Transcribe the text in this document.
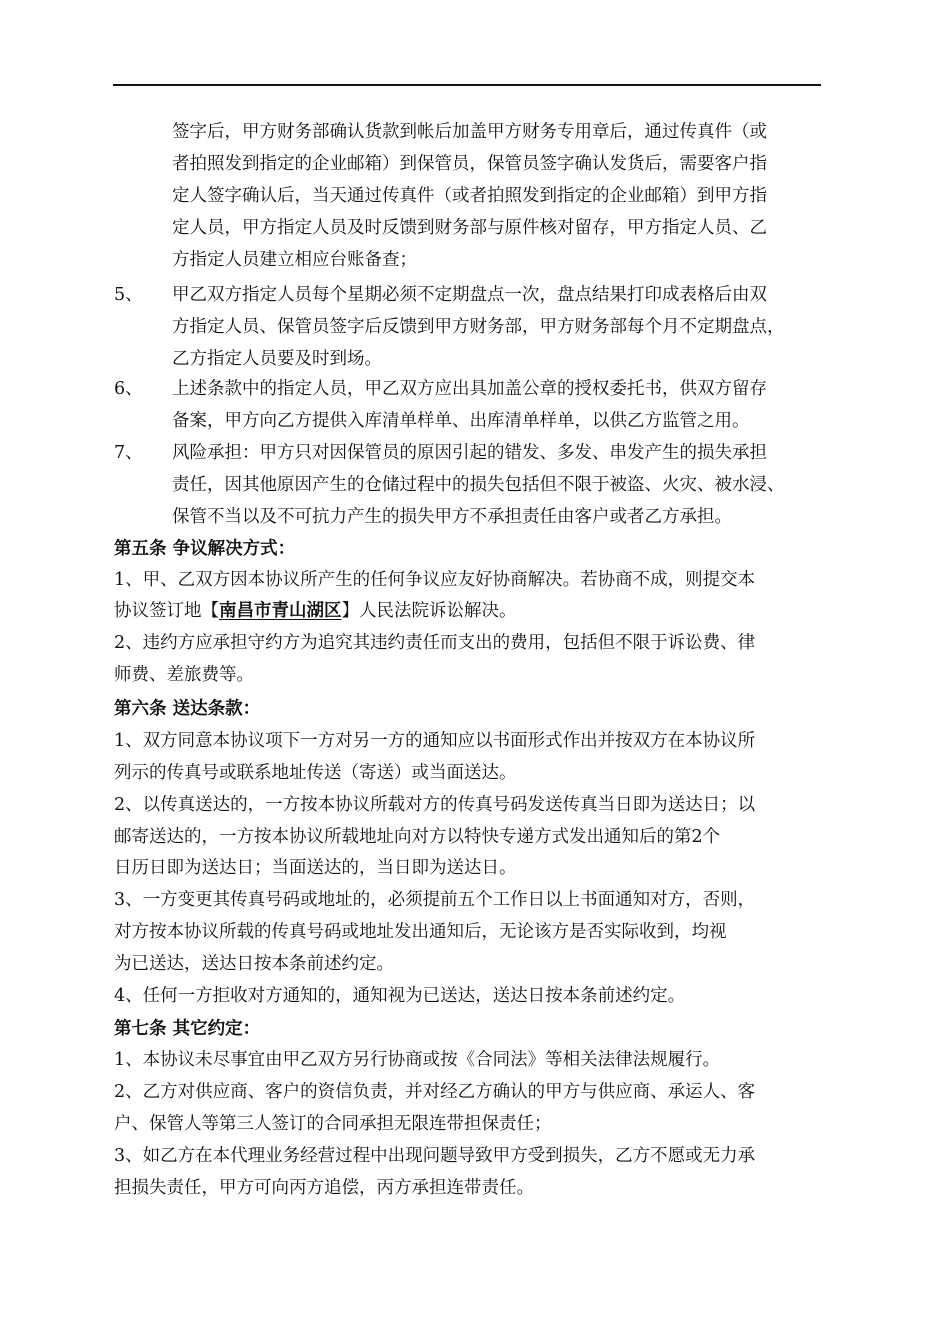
签字后，甲方财务部确认货款到帐后加盖甲方财务专用章后，通过传真件（或
者拍照发到指定的企业邮箱）到保管员，保管员签字确认发货后，需要客户指
定人签字确认后，当天通过传真件（或者拍照发到指定的企业邮箱）到甲方指
定人员，甲方指定人员及时反馈到财务部与原件核对留存，甲方指定人员、乙
方指定人员建立相应台账备查；
5、 甲乙双方指定人员每个星期必须不定期盘点一次，盘点结果打印成表格后由双
方指定人员、保管员签字后反馈到甲方财务部，甲方财务部每个月不定期盘点，
乙方指定人员要及时到场。
6、 上述条款中的指定人员，甲乙双方应出具加盖公章的授权委托书，供双方留存
备案，甲方向乙方提供入库清单样单、出库清单样单，以供乙方监管之用。
7、 风险承担：甲方只对因保管员的原因引起的错发、多发、串发产生的损失承担
责任，因其他原因产生的仓储过程中的损失包括但不限于被盗、火灾、被水浸、
保管不当以及不可抗力产生的损失甲方不承担责任由客户或者乙方承担。
第五条 争议解决方式：
1、甲、乙双方因本协议所产生的任何争议应友好协商解决。若协商不成，则提交本
协议签订地【南昌市青山湖区】人民法院诉讼解决。
2、违约方应承担守约方为追究其违约责任而支出的费用，包括但不限于诉讼费、律
师费、差旅费等。
第六条 送达条款：
1、双方同意本协议项下一方对另一方的通知应以书面形式作出并按双方在本协议所
列示的传真号或联系地址传送（寄送）或当面送达。
2、以传真送达的，一方按本协议所载对方的传真号码发送传真当日即为送达日；以
邮寄送达的，一方按本协议所载地址向对方以特快专递方式发出通知后的第2个
日历日即为送达日；当面送达的，当日即为送达日。
3、一方变更其传真号码或地址的，必须提前五个工作日以上书面通知对方，否则，
对方按本协议所载的传真号码或地址发出通知后，无论该方是否实际收到，均视
为已送达，送达日按本条前述约定。
4、任何一方拒收对方通知的，通知视为已送达，送达日按本条前述约定。
第七条 其它约定：
1、本协议未尽事宜由甲乙双方另行协商或按《合同法》等相关法律法规履行。
2、乙方对供应商、客户的资信负责，并对经乙方确认的甲方与供应商、承运人、客
户、保管人等第三人签订的合同承担无限连带担保责任；
3、如乙方在本代理业务经营过程中出现问题导致甲方受到损失，乙方不愿或无力承
担损失责任，甲方可向丙方追偿，丙方承担连带责任。
